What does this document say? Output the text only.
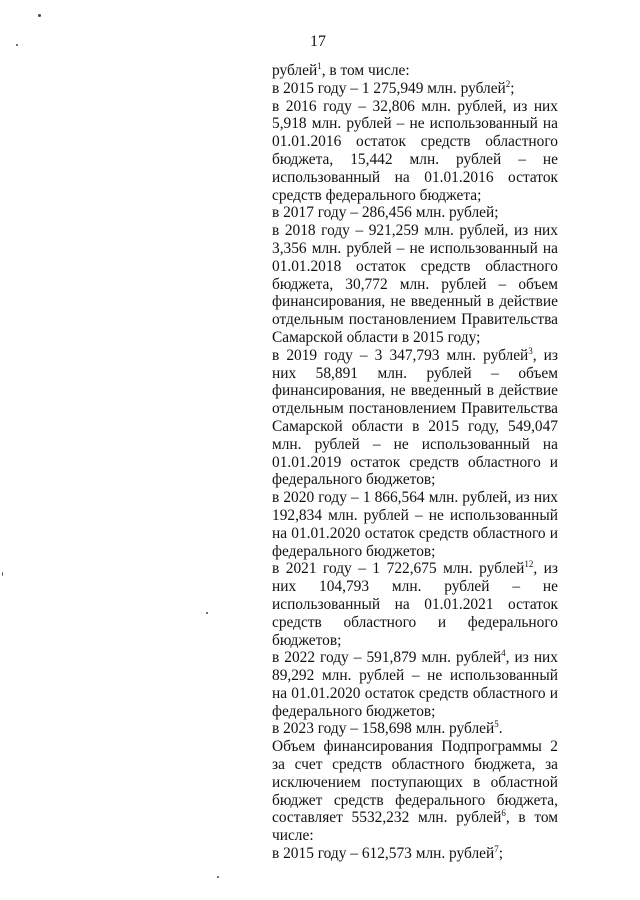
17

рублей$^1$, в том числе:

в 2015 году – 1 275,949 млн. рублей$^2$;

в 2016 году – 32,806 млн. рублей, из них 5,918 млн. рублей – не использованный на 01.01.2016 остаток средств областного бюджета, 15,442 млн. рублей – не использованный на 01.01.2016 остаток средств федерального бюджета;

в 2017 году – 286,456 млн. рублей;

в 2018 году – 921,259 млн. рублей, из них 3,356 млн. рублей – не использованный на 01.01.2018 остаток средств областного бюджета, 30,772 млн. рублей – объем финансирования, не введенный в действие отдельным постановлением Правительства Самарской области в 2015 году;

в 2019 году – 3 347,793 млн. рублей$^3$, из них 58,891 млн. рублей – объем финансирования, не введенный в действие отдельным постановлением Правительства Самарской области в 2015 году, 549,047 млн. рублей – не использованный на 01.01.2019 остаток средств областного и федерального бюджетов;

в 2020 году – 1 866,564 млн. рублей, из них 192,834 млн. рублей – не использованный на 01.01.2020 остаток средств областного и федерального бюджетов;

в 2021 году – 1 722,675 млн. рублей$^{12}$, из них 104,793 млн. рублей – не использованный на 01.01.2021 остаток средств областного и федерального бюджетов;

в 2022 году – 591,879 млн. рублей$^4$, из них 89,292 млн. рублей – не использованный на 01.01.2020 остаток средств областного и федерального бюджетов;

в 2023 году – 158,698 млн. рублей$^5$.

Объем финансирования Подпрограммы 2 за счет средств областного бюджета, за исключением поступающих в областной бюджет средств федерального бюджета, составляет 5532,232 млн. рублей$^6$, в том числе:

в 2015 году – 612,573 млн. рублей$^7$;
